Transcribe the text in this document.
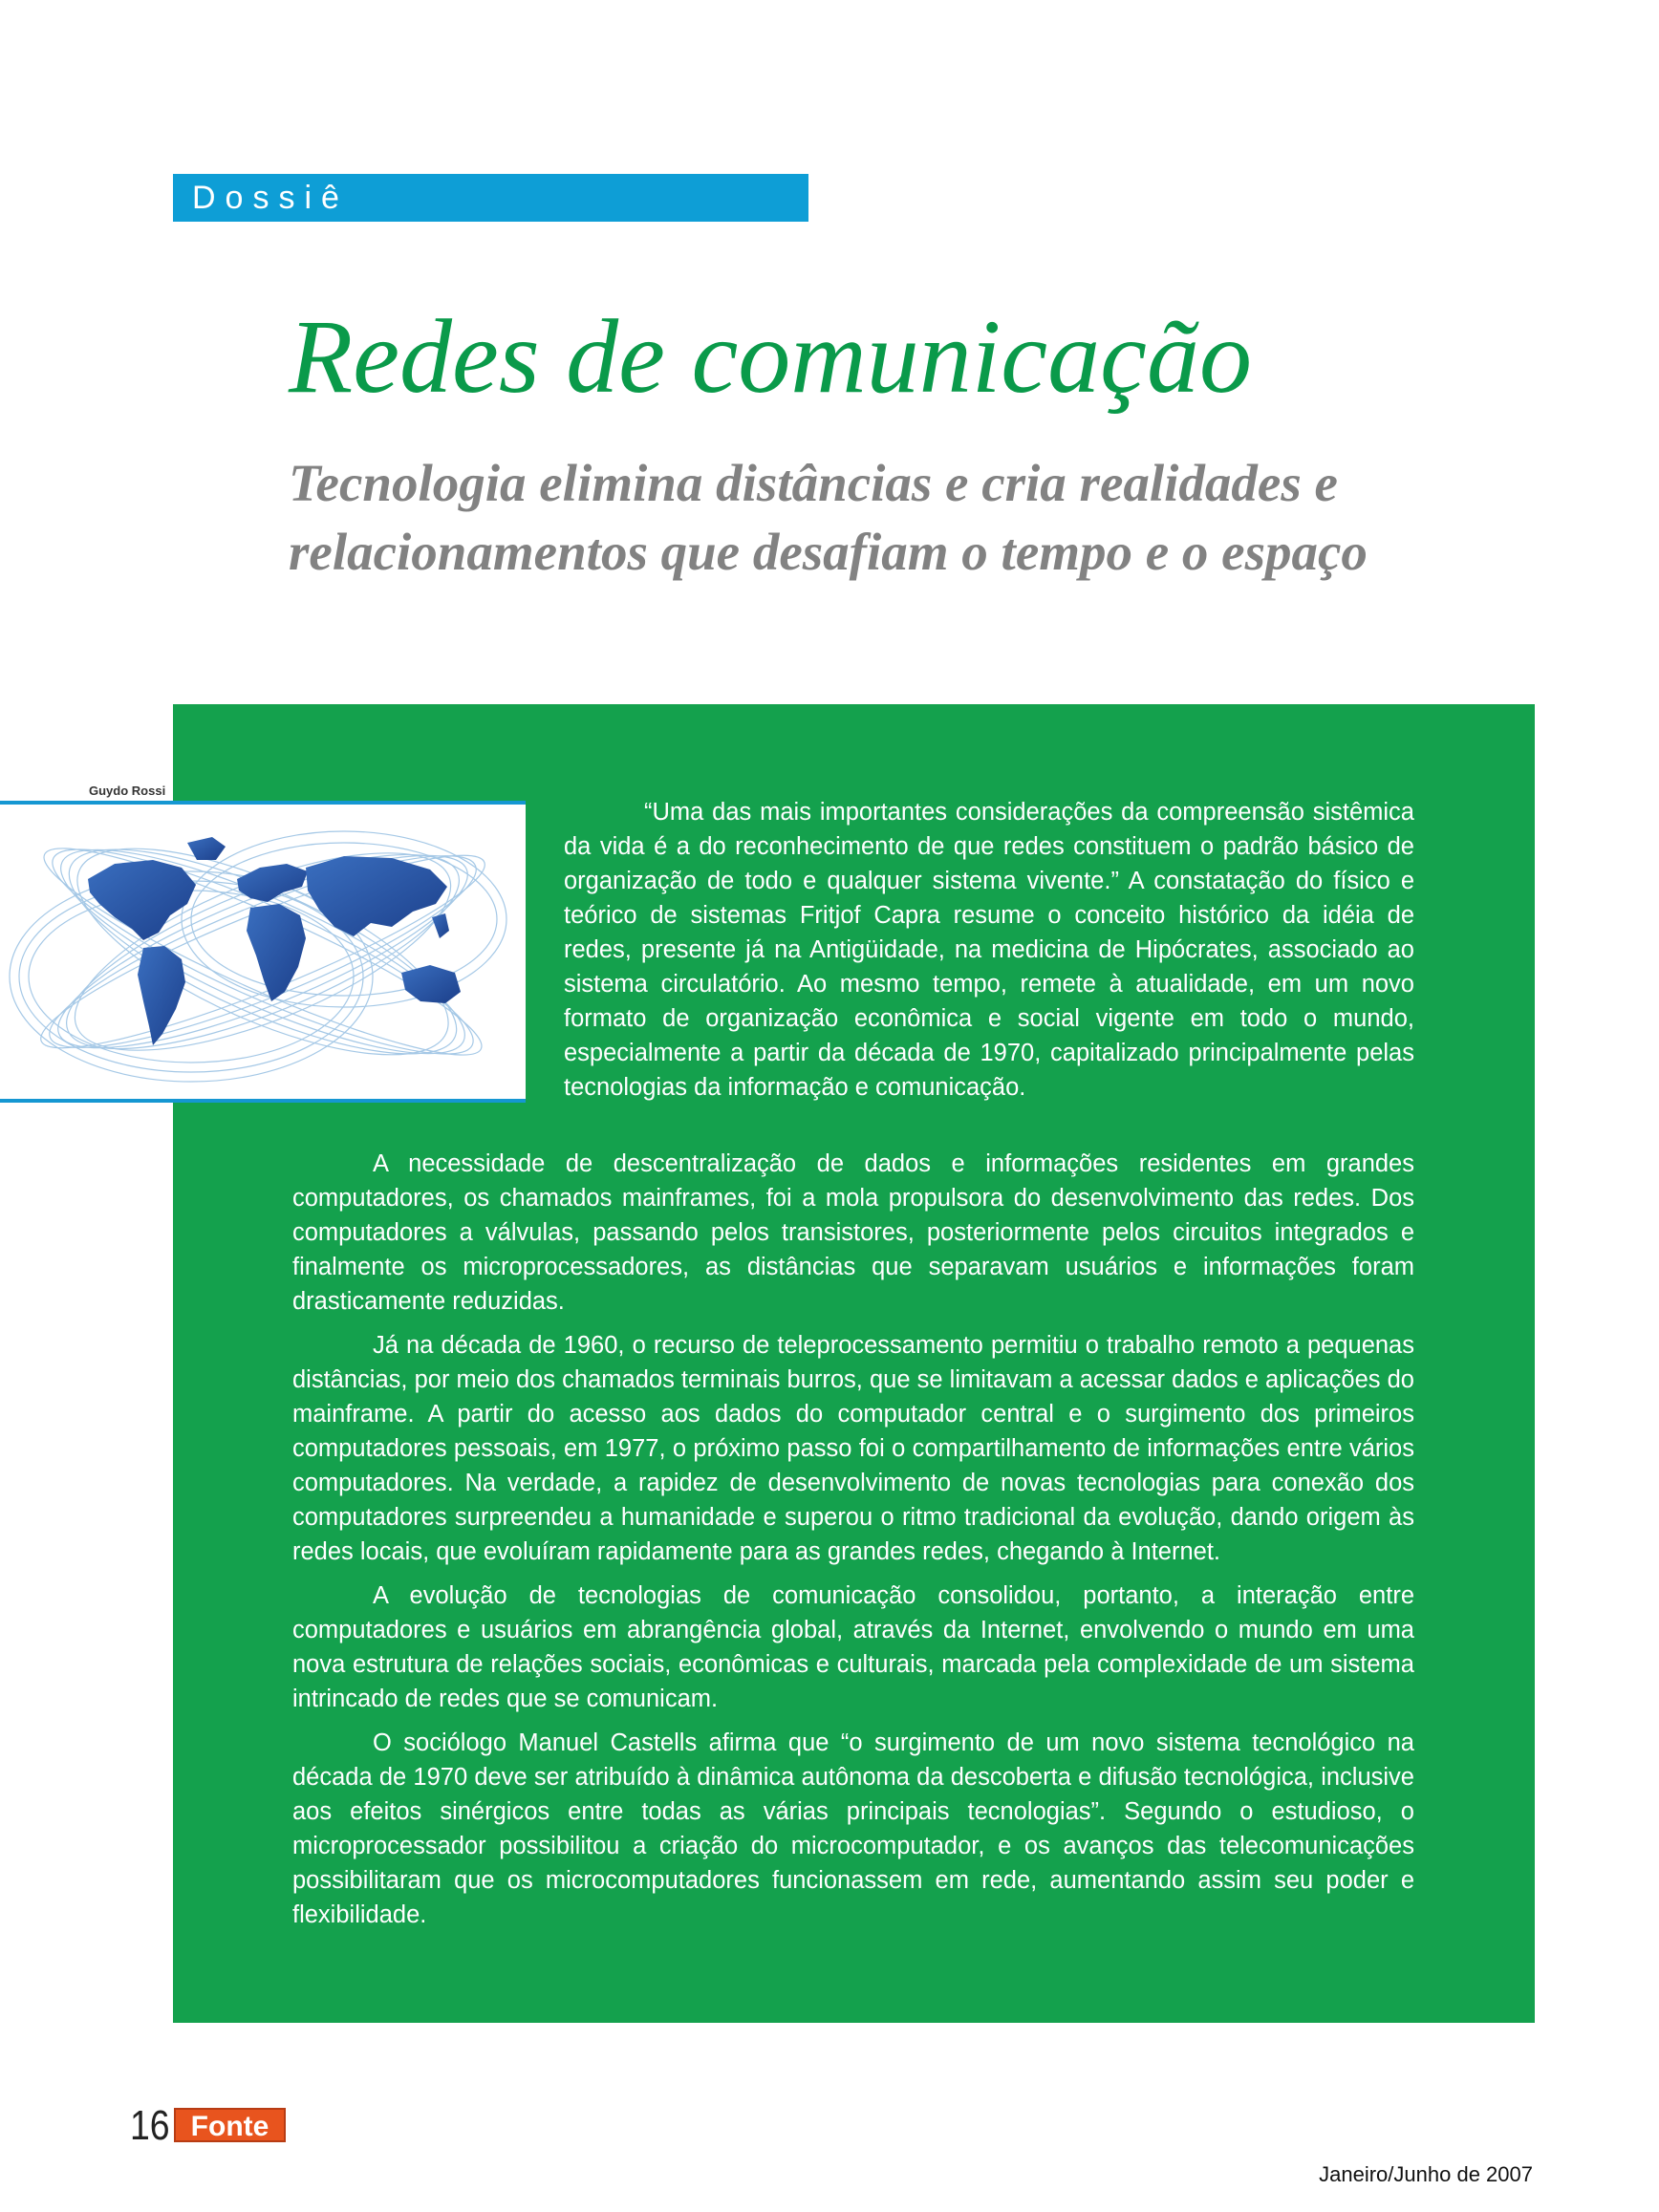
Dossiê
Redes de comunicação
Tecnologia elimina distâncias e cria realidades e relacionamentos que desafiam o tempo e o espaço
Guydo Rossi

“Uma das mais importantes considerações da compreensão sistêmica da vida é a do reconhecimento de que redes constituem o padrão básico de organização de todo e qualquer sistema vivente.” A constatação do físico e teórico de sistemas Fritjof Capra resume o conceito histórico da idéia de redes, presente já na Antigüidade, na medicina de Hipócrates, associado ao sistema circulatório. Ao mesmo tempo, remete à atualidade, em um novo formato de organização econômica e social vigente em todo o mundo, especialmente a partir da década de 1970, capitalizado principalmente pelas tecnologias da informação e comunicação.

A necessidade de descentralização de dados e informações residentes em grandes computadores, os chamados mainframes, foi a mola propulsora do desenvolvimento das redes. Dos computadores a válvulas, passando pelos transistores, posteriormente pelos circuitos integrados e finalmente os microprocessadores, as distâncias que separavam usuários e informações foram drasticamente reduzidas.

Já na década de 1960, o recurso de teleprocessamento permitiu o trabalho remoto a pequenas distâncias, por meio dos chamados terminais burros, que se limitavam a acessar dados e aplicações do mainframe. A partir do acesso aos dados do computador central e o surgimento dos primeiros computadores pessoais, em 1977, o próximo passo foi o compartilhamento de informações entre vários computadores. Na verdade, a rapidez de desenvolvimento de novas tecnologias para conexão dos computadores surpreendeu a humanidade e superou o ritmo tradicional da evolução, dando origem às redes locais, que evoluíram rapidamente para as grandes redes, chegando à Internet.

A evolução de tecnologias de comunicação consolidou, portanto, a interação entre computadores e usuários em abrangência global, através da Internet, envolvendo o mundo em uma nova estrutura de relações sociais, econômicas e culturais, marcada pela complexidade de um sistema intrincado de redes que se comunicam.

O sociólogo Manuel Castells afirma que “o surgimento de um novo sistema tecnológico na década de 1970 deve ser atribuído à dinâmica autônoma da descoberta e difusão tecnológica, inclusive aos efeitos sinérgicos entre todas as várias principais tecnologias”. Segundo o estudioso, o microprocessador possibilitou a criação do microcomputador, e os avanços das telecomunicações possibilitaram que os microcomputadores funcionassem em rede, aumentando assim seu poder e flexibilidade.

16 Fonte
Janeiro/Junho de 2007
